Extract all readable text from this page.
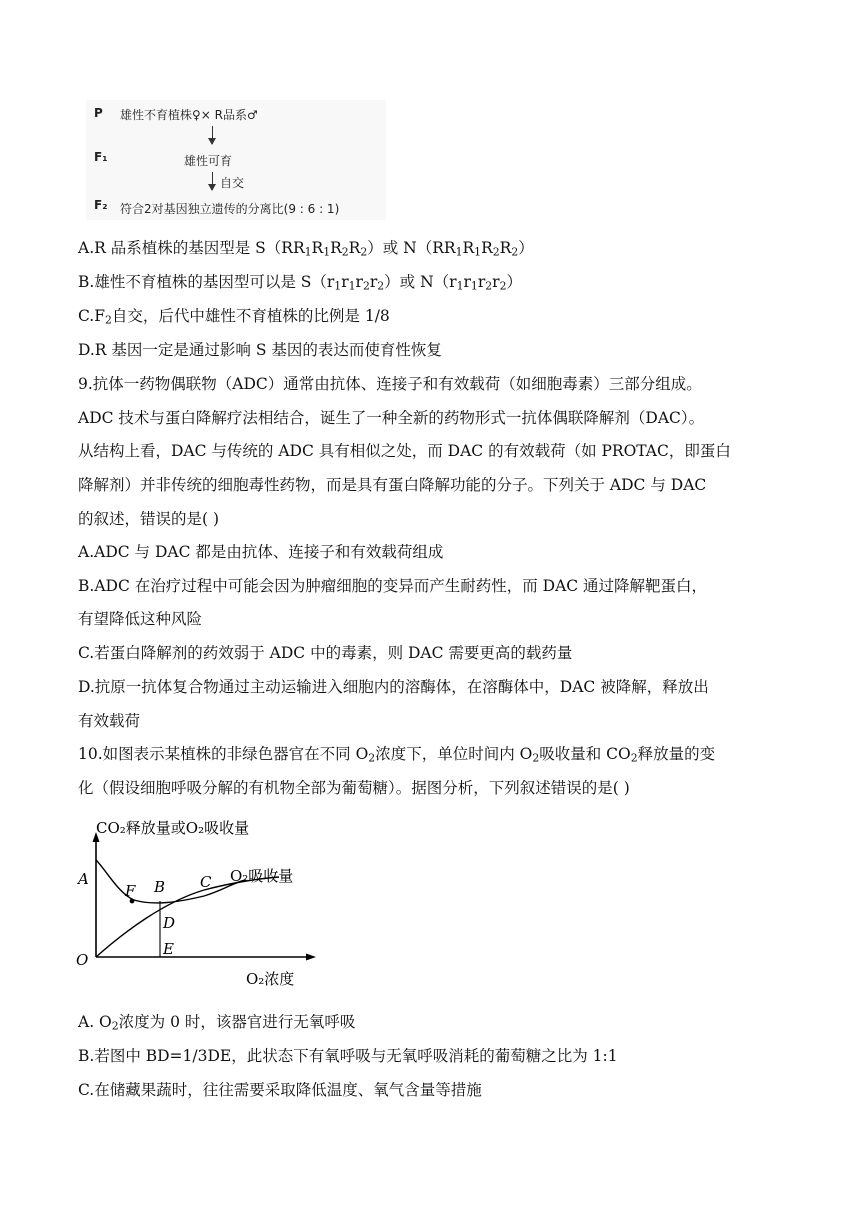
P 雄性不育植株♀× R品系♂
F₁	雄性可育
自交
F₂ 符合2对基因独立遗传的分离比(9 : 6 : 1)
A.R 品系植株的基因型是 $S(RR_1R_1R_2R_2)$或 $N(RR_1R_1R_2R_2)$
B.雄性不育植株的基因型可以是 $S(r_1r_1r_2r_2)$或 $N(r_1r_1r_2r_2)$
$C.F_2$自交，后代中雄性不育植株的比例是 1/8
D.R 基因一定是通过影响 S 基因的表达而使育性恢复
9.抗体一药物偶联物（ADC）通常由抗体、连接子和有效载荷（如细胞毒素）三部分组成。
ADC 技术与蛋白降解疗法相结合，诞生了一种全新的药物形式一抗体偶联降解剂（DAC）。
从结构上看，DAC 与传统的 ADC 具有相似之处，而 DAC 的有效载荷（如 PROTAC，即蛋白
降解剂）并非传统的细胞毒性药物，而是具有蛋白降解功能的分子。下列关于 ADC 与 DAC
的叙述，错误的是( )
A.ADC 与 DAC 都是由抗体、连接子和有效载荷组成
B.ADC 在治疗过程中可能会因为肿瘤细胞的变异而产生耐药性，而 DAC 通过降解靶蛋白，
有望降低这种风险
C.若蛋白降解剂的药效弱于 ADC 中的毒素，则 DAC 需要更高的载药量
D.抗原一抗体复合物通过主动运输进入细胞内的溶酶体，在溶酶体中，DAC 被降解，释放出
有效载荷
10.如图表示某植株的非绿色器官在不同 $O_2$浓度下，单位时间内 $O_2$吸收量和 $CO_2$释放量的变
化（假设细胞呼吸分解的有机物全部为葡萄糖）。据图分析，下列叙述错误的是( )
CO₂释放量或O₂吸收量
O₂浓度
O₂吸收量
A
F B C
D
E
O
A. $O_2$浓度为 0 时，该器官进行无氧呼吸
B.若图中 BD=1/3DE，此状态下有氧呼吸与无氧呼吸消耗的葡萄糖之比为 1:1
C.在储藏果蔬时，往往需要采取降低温度、氧气含量等措施
